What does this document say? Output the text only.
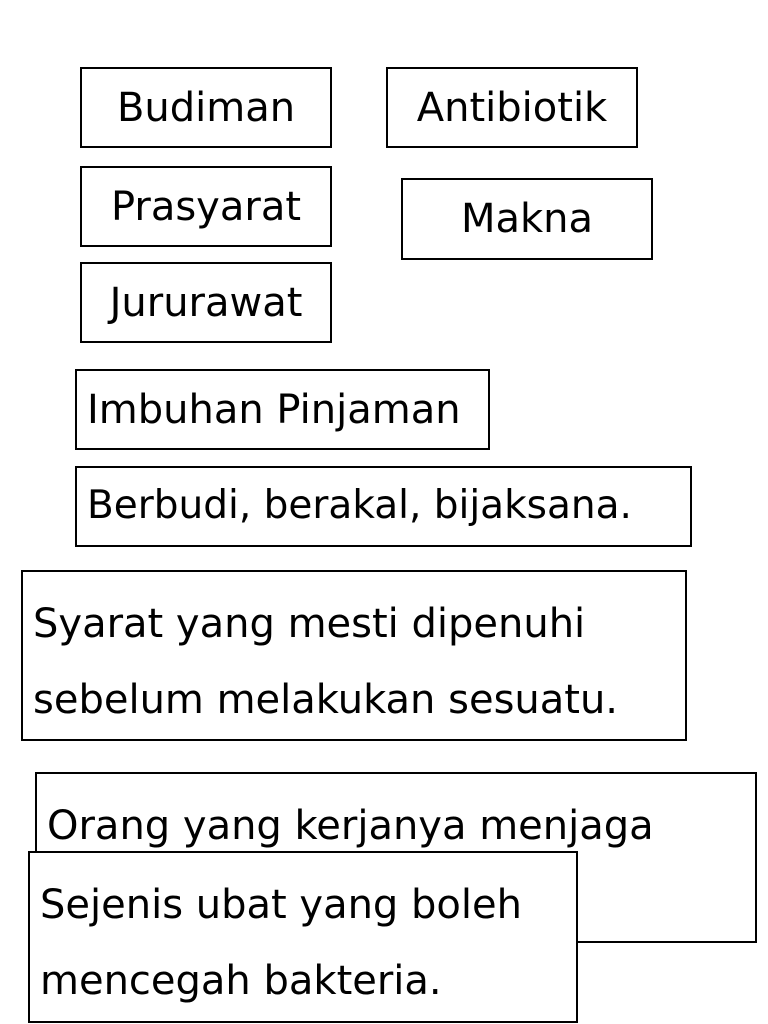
Budiman	Antibiotik
Prasyarat	Makna
Jururawat
Imbuhan Pinjaman
Berbudi, berakal, bijaksana.
Syarat yang mesti dipenuhi
sebelum melakukan sesuatu.
Orang yang kerjanya menjaga
Sejenis ubat yang boleh
mencegah bakteria.
